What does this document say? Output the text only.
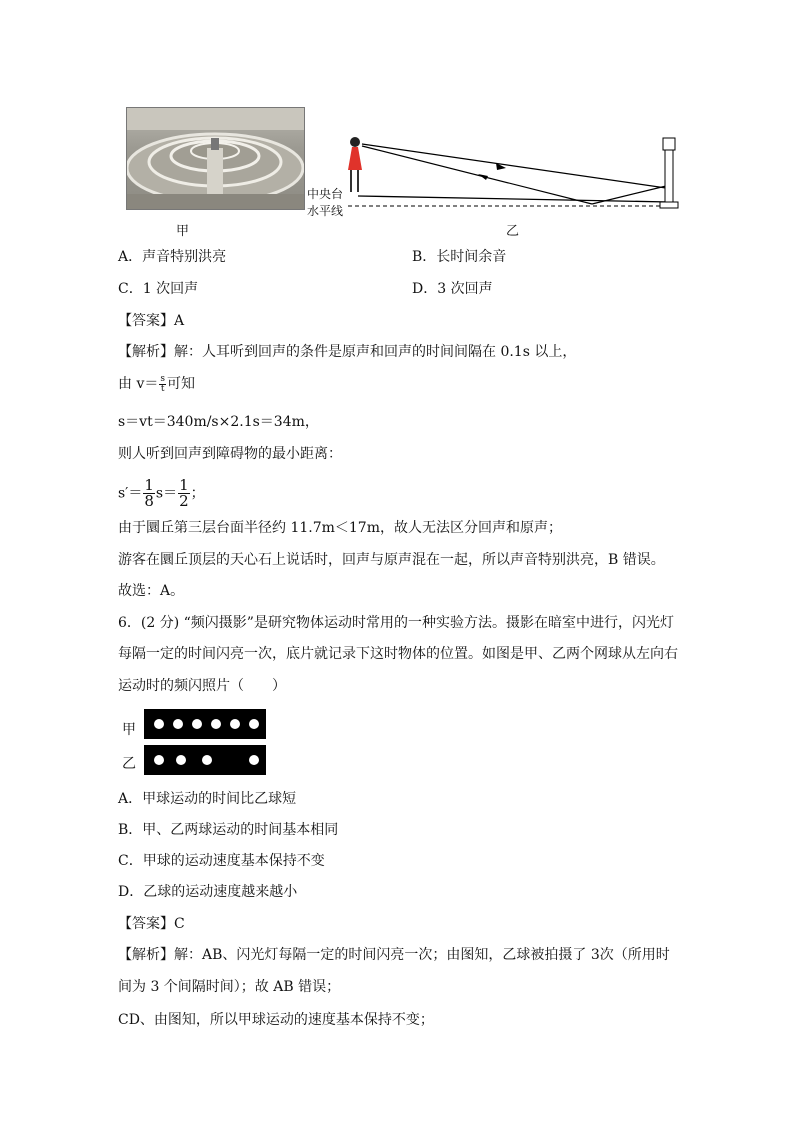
甲
中央台
水平线
乙
A．声音特别洪亮	B．长时间余音
C．1 次回声	D．3 次回声
【答案】A
【解析】解：人耳听到回声的条件是原声和回声的时间间隔在 0.1s 以上，
由 $v= \frac{s}{t}$ 可知
s＝vt＝340m/s×2.1s＝34m，
则人听到回声到障碍物的最小距离：
$s'= \frac{1}{8} s= \frac{1}{2}$ ；
由于圜丘第三层台面半径约 11.7m＜17m，故人无法区分回声和原声；
游客在圜丘顶层的天心石上说话时，回声与原声混在一起，所以声音特别洪亮，B 错误。
故选：A。
6．(2 分) “频闪摄影”是研究物体运动时常用的一种实验方法。摄影在暗室中进行，闪光灯
每隔一定的时间闪亮一次，底片就记录下这时物体的位置。如图是甲、乙两个网球从左向右
运动时的频闪照片（　　）
甲
乙
A．甲球运动的时间比乙球短
B．甲、乙两球运动的时间基本相同
C．甲球的运动速度基本保持不变
D．乙球的运动速度越来越小
【答案】C
【解析】解：AB、闪光灯每隔一定的时间闪亮一次；由图知，乙球被拍摄了 3次（所用时
间为 3 个间隔时间）；故 AB 错误；
CD、由图知，所以甲球运动的速度基本保持不变；
